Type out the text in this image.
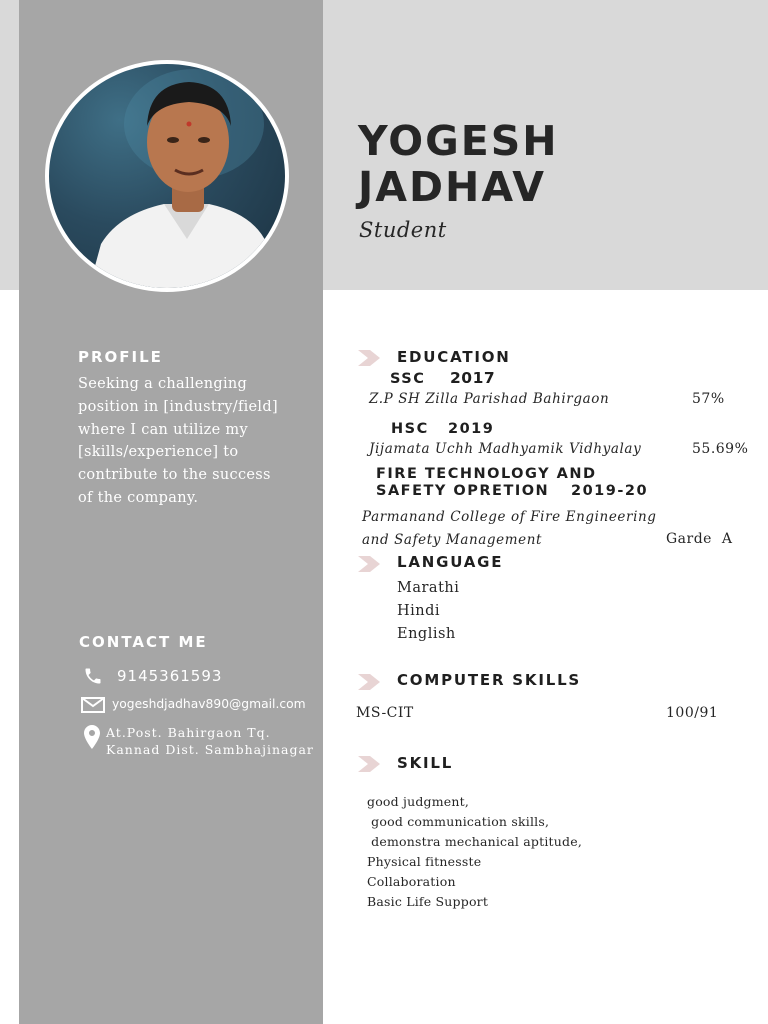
YOGESH
JADHAV
Student
PROFILE
Seeking a challenging position in [industry/field] where I can utilize my [skills/experience] to contribute to the success of the company.
CONTACT ME
9145361593
yogeshdjadhav890@gmail.com
At.Post. Bahirgaon Tq.
Kannad Dist. Sambhajinagar
EDUCATION
SSC 2017
Z.P SH Zilla Parishad Bahirgaon	57%
HSC 2019
Jijamata Uchh Madhyamik Vidhyalay	55.69%
FIRE TECHNOLOGY AND
SAFETY OPRETION 2019-20
Parmanand College of Fire Engineering
and Safety Management	Garde  A
LANGUAGE
Marathi
Hindi
English
COMPUTER SKILLS
MS-CIT	100/91
SKILL
good judgment,
good communication skills,
demonstra mechanical aptitude,
Physical fitnesste
Collaboration
Basic Life Support
